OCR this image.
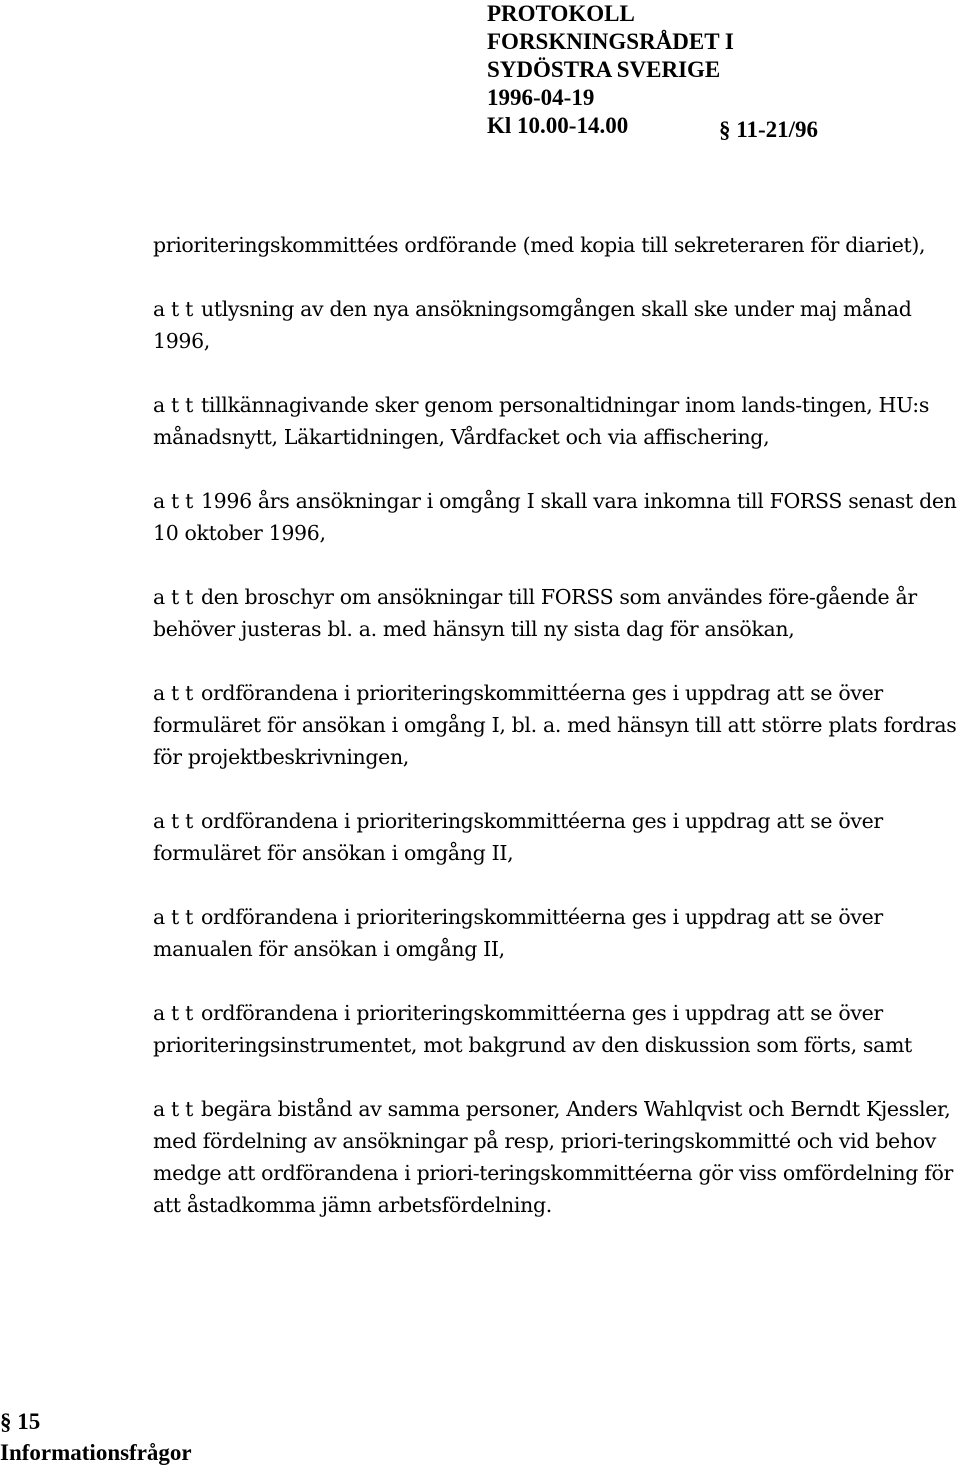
PROTOKOLL
FORSKNINGSRÅDET I
SYDÖSTRA SVERIGE
1996-04-19
Kl 10.00-14.00	§ 11-21/96

prioriteringskommittées ordförande (med kopia till sekreteraren för diariet),

a t t utlysning av den nya ansökningsomgången skall ske under maj månad 1996,

a t t tillkännagivande sker genom personaltidningar inom lands-tingen, HU:s månadsnytt, Läkartidningen, Vårdfacket och via affischering,

a t t 1996 års ansökningar i omgång I skall vara inkomna till FORSS senast den 10 oktober 1996,

a t t den broschyr om ansökningar till FORSS som användes före-gående år behöver justeras bl. a. med hänsyn till ny sista dag för ansökan,

a t t ordförandena i prioriteringskommittéerna ges i uppdrag att se över formuläret för ansökan i omgång I, bl. a. med hänsyn till att större plats fordras för projektbeskrivningen,

a t t ordförandena i prioriteringskommittéerna ges i uppdrag att se över formuläret för ansökan i omgång II,

a t t ordförandena i prioriteringskommittéerna ges i uppdrag att se över manualen för ansökan i omgång II,

a t t ordförandena i prioriteringskommittéerna ges i uppdrag att se över prioriteringsinstrumentet, mot bakgrund av den diskussion som förts, samt

a t t begära bistånd av samma personer, Anders Wahlqvist och Berndt Kjessler, med fördelning av ansökningar på resp, priori-teringskommitté och vid behov medge att ordförandena i priori-teringskommittéerna gör viss omfördelning för att åstadkomma jämn arbetsfördelning.

§ 15
Informationsfrågor
